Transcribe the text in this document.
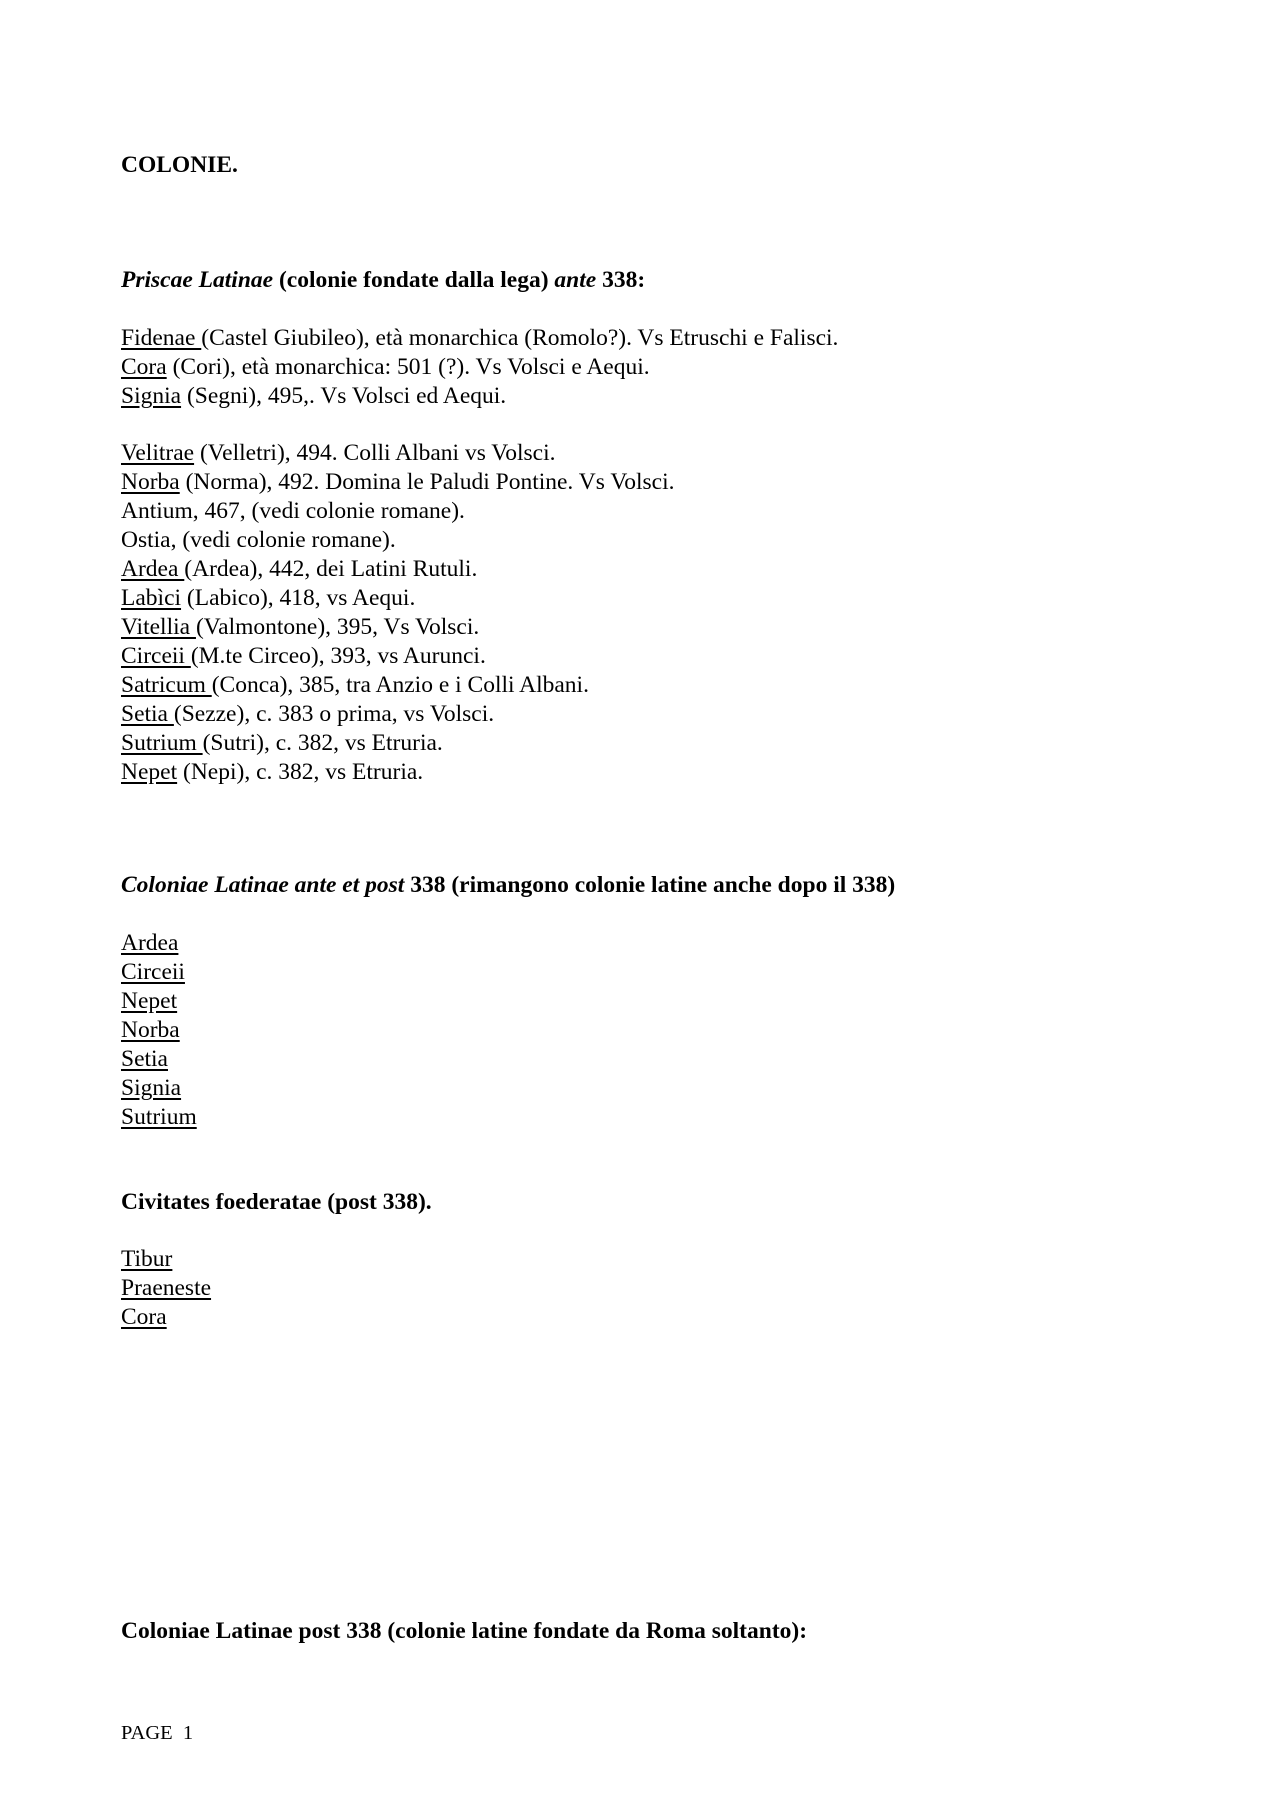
COLONIE.
Priscae Latinae (colonie fondate dalla lega) ante 338:
Fidenae (Castel Giubileo), età monarchica (Romolo?). Vs Etruschi e Falisci.
Cora (Cori), età monarchica: 501 (?). Vs Volsci e Aequi.
Signia (Segni), 495,. Vs Volsci ed Aequi.
Velitrae (Velletri), 494. Colli Albani vs Volsci.
Norba (Norma), 492. Domina le Paludi Pontine. Vs Volsci.
Antium, 467, (vedi colonie romane).
Ostia, (vedi colonie romane).
Ardea (Ardea), 442, dei Latini Rutuli.
Labìci (Labico), 418, vs Aequi.
Vitellia (Valmontone), 395, Vs Volsci.
Circeii (M.te Circeo), 393, vs Aurunci.
Satricum (Conca), 385, tra Anzio e i Colli Albani.
Setia (Sezze), c. 383 o prima, vs Volsci.
Sutrium (Sutri), c. 382, vs Etruria.
Nepet (Nepi), c. 382, vs Etruria.
Coloniae Latinae ante et post 338 (rimangono colonie latine anche dopo il 338)
Ardea
Circeii
Nepet
Norba
Setia
Signia
Sutrium
Civitates foederatae (post 338).
Tibur
Praeneste
Cora
Coloniae Latinae post 338 (colonie latine fondate da Roma soltanto):
PAGE  1
